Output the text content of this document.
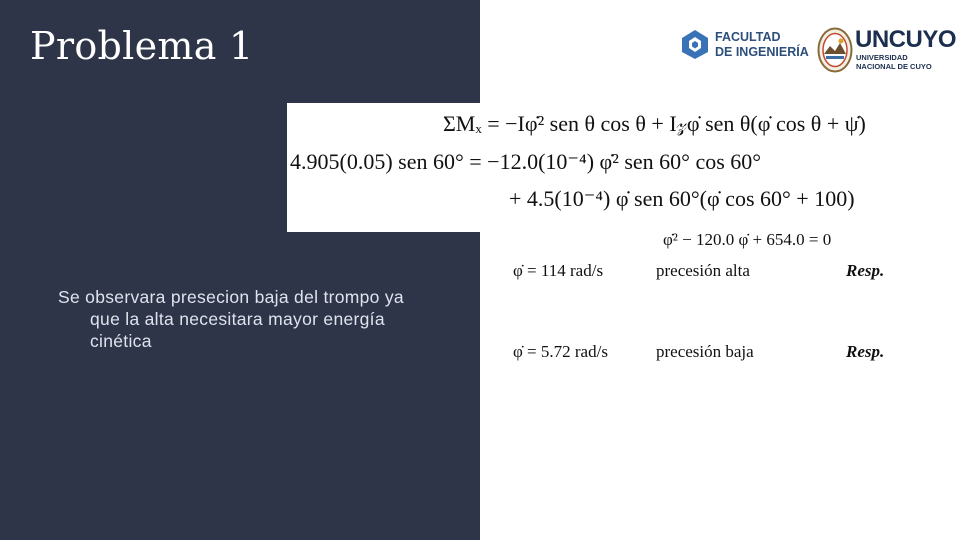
Problema 1
Se observara presecion baja del trompo ya que la alta necesitara mayor energía cinética
ΣMₓ = −Iφ̇² sen θ cos θ + I𝓏φ̇ sen θ(φ̇ cos θ + ψ̇)
4.905(0.05) sen 60° = −12.0(10⁻⁴) φ̇² sen 60° cos 60°
+ 4.5(10⁻⁴) φ̇ sen 60°(φ̇ cos 60° + 100)
φ̇² − 120.0 φ̇ + 654.0 = 0
φ̇ = 114 rad/s	precesión alta	Resp.
φ̇ = 5.72 rad/s	precesión baja	Resp.
FACULTAD
DE INGENIERÍA UNCUYO
UNIVERSIDAD
NACIONAL DE CUYO
